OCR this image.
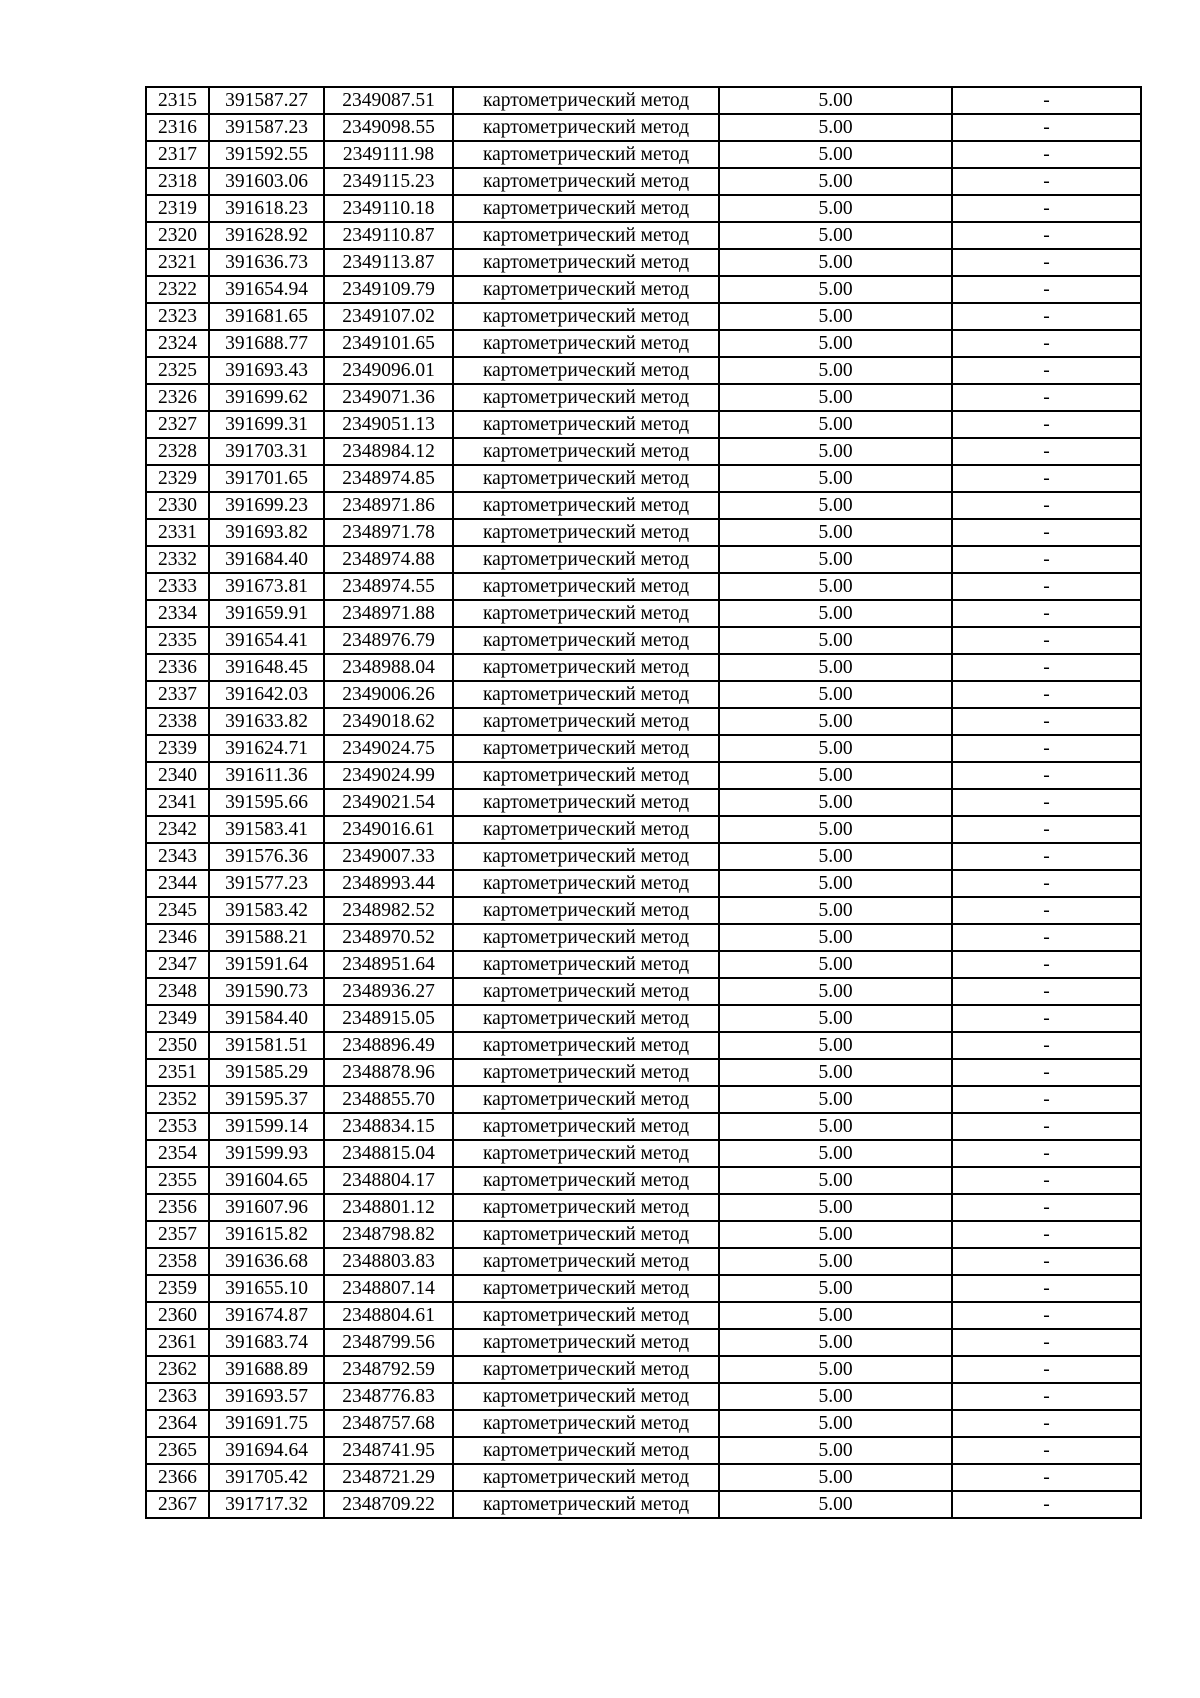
2315	391587.27	2349087.51	картометрический метод	5.00	-
2316	391587.23	2349098.55	картометрический метод	5.00	-
2317	391592.55	2349111.98	картометрический метод	5.00	-
2318	391603.06	2349115.23	картометрический метод	5.00	-
2319	391618.23	2349110.18	картометрический метод	5.00	-
2320	391628.92	2349110.87	картометрический метод	5.00	-
2321	391636.73	2349113.87	картометрический метод	5.00	-
2322	391654.94	2349109.79	картометрический метод	5.00	-
2323	391681.65	2349107.02	картометрический метод	5.00	-
2324	391688.77	2349101.65	картометрический метод	5.00	-
2325	391693.43	2349096.01	картометрический метод	5.00	-
2326	391699.62	2349071.36	картометрический метод	5.00	-
2327	391699.31	2349051.13	картометрический метод	5.00	-
2328	391703.31	2348984.12	картометрический метод	5.00	-
2329	391701.65	2348974.85	картометрический метод	5.00	-
2330	391699.23	2348971.86	картометрический метод	5.00	-
2331	391693.82	2348971.78	картометрический метод	5.00	-
2332	391684.40	2348974.88	картометрический метод	5.00	-
2333	391673.81	2348974.55	картометрический метод	5.00	-
2334	391659.91	2348971.88	картометрический метод	5.00	-
2335	391654.41	2348976.79	картометрический метод	5.00	-
2336	391648.45	2348988.04	картометрический метод	5.00	-
2337	391642.03	2349006.26	картометрический метод	5.00	-
2338	391633.82	2349018.62	картометрический метод	5.00	-
2339	391624.71	2349024.75	картометрический метод	5.00	-
2340	391611.36	2349024.99	картометрический метод	5.00	-
2341	391595.66	2349021.54	картометрический метод	5.00	-
2342	391583.41	2349016.61	картометрический метод	5.00	-
2343	391576.36	2349007.33	картометрический метод	5.00	-
2344	391577.23	2348993.44	картометрический метод	5.00	-
2345	391583.42	2348982.52	картометрический метод	5.00	-
2346	391588.21	2348970.52	картометрический метод	5.00	-
2347	391591.64	2348951.64	картометрический метод	5.00	-
2348	391590.73	2348936.27	картометрический метод	5.00	-
2349	391584.40	2348915.05	картометрический метод	5.00	-
2350	391581.51	2348896.49	картометрический метод	5.00	-
2351	391585.29	2348878.96	картометрический метод	5.00	-
2352	391595.37	2348855.70	картометрический метод	5.00	-
2353	391599.14	2348834.15	картометрический метод	5.00	-
2354	391599.93	2348815.04	картометрический метод	5.00	-
2355	391604.65	2348804.17	картометрический метод	5.00	-
2356	391607.96	2348801.12	картометрический метод	5.00	-
2357	391615.82	2348798.82	картометрический метод	5.00	-
2358	391636.68	2348803.83	картометрический метод	5.00	-
2359	391655.10	2348807.14	картометрический метод	5.00	-
2360	391674.87	2348804.61	картометрический метод	5.00	-
2361	391683.74	2348799.56	картометрический метод	5.00	-
2362	391688.89	2348792.59	картометрический метод	5.00	-
2363	391693.57	2348776.83	картометрический метод	5.00	-
2364	391691.75	2348757.68	картометрический метод	5.00	-
2365	391694.64	2348741.95	картометрический метод	5.00	-
2366	391705.42	2348721.29	картометрический метод	5.00	-
2367	391717.32	2348709.22	картометрический метод	5.00	-
